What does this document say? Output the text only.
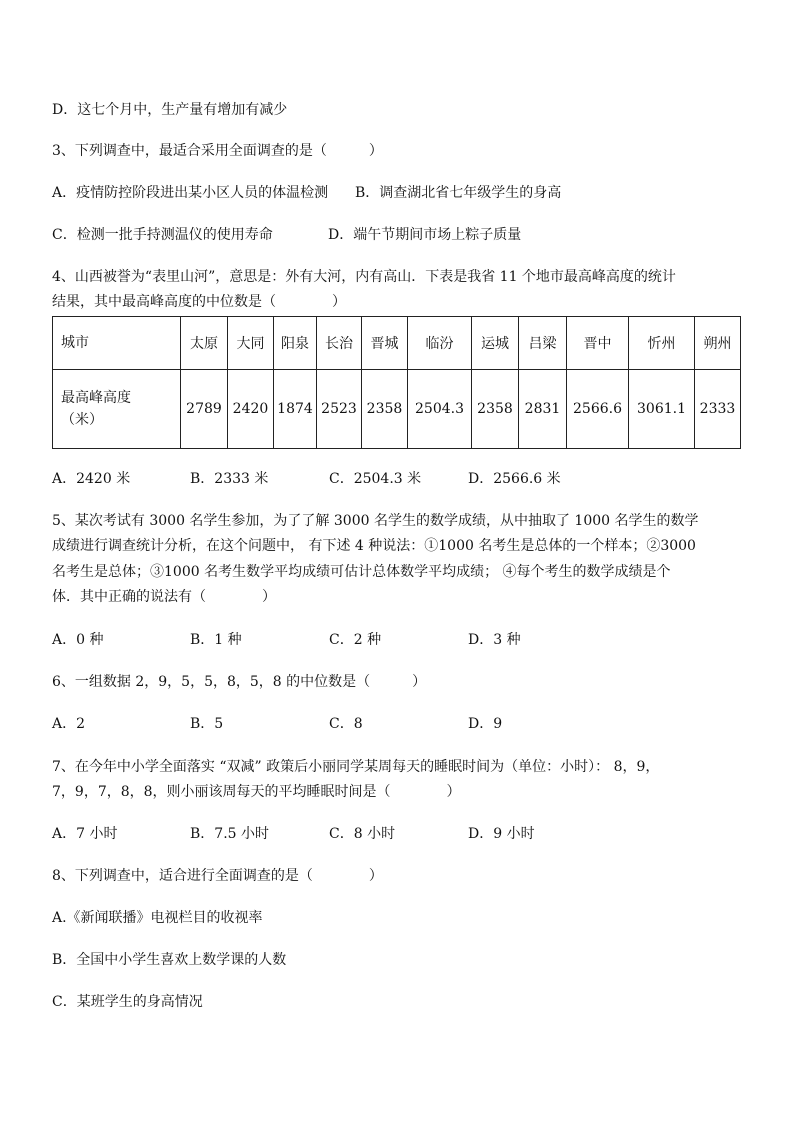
D．这七个月中，生产量有增加有减少
3、下列调查中，最适合采用全面调查的是（　　　）
A．疫情防控阶段进出某小区人员的体温检测 B．调查湖北省七年级学生的身高
C．检测一批手持测温仪的使用寿命	D．端午节期间市场上粽子质量
4、山西被誉为“表里山河”，意思是：外有大河，内有高山．下表是我省 11 个地市最高峰高度的统计
结果，其中最高峰高度的中位数是（　　　　）
城市	太原	大同	阳泉	长治	晋城	临汾	运城	吕梁	晋中	忻州	朔州

最高峰高度
（米）	2789	2420	1874	2523	2358	2504.3	2358	2831	2566.6	3061.1	2333
A．2420 米	B．2333 米	C．2504.3 米	D．2566.6 米
5、某次考试有 3000 名学生参加，为了了解 3000 名学生的数学成绩，从中抽取了 1000 名学生的数学
成绩进行调查统计分析，在这个问题中， 有下述 4 种说法：①1000 名考生是总体的一个样本；②3000
名考生是总体；③1000 名考生数学平均成绩可估计总体数学平均成绩； ④每个考生的数学成绩是个
体．其中正确的说法有（　　　　）
A．0 种	B．1 种	C．2 种	D．3 种
6、一组数据 2，9，5，5，8，5，8 的中位数是（　　　）
A．2	B．5	C．8	D．9
7、在今年中小学全面落实 “双减” 政策后小丽同学某周每天的睡眠时间为（单位：小时）： 8，9，
7，9，7，8，8，则小丽该周每天的平均睡眠时间是（　　　　）
A．7 小时	B．7.5 小时	C．8 小时	D．9 小时
8、下列调查中，适合进行全面调查的是（　　　　）
A.《新闻联播》电视栏目的收视率
B．全国中小学生喜欢上数学课的人数
C．某班学生的身高情况
